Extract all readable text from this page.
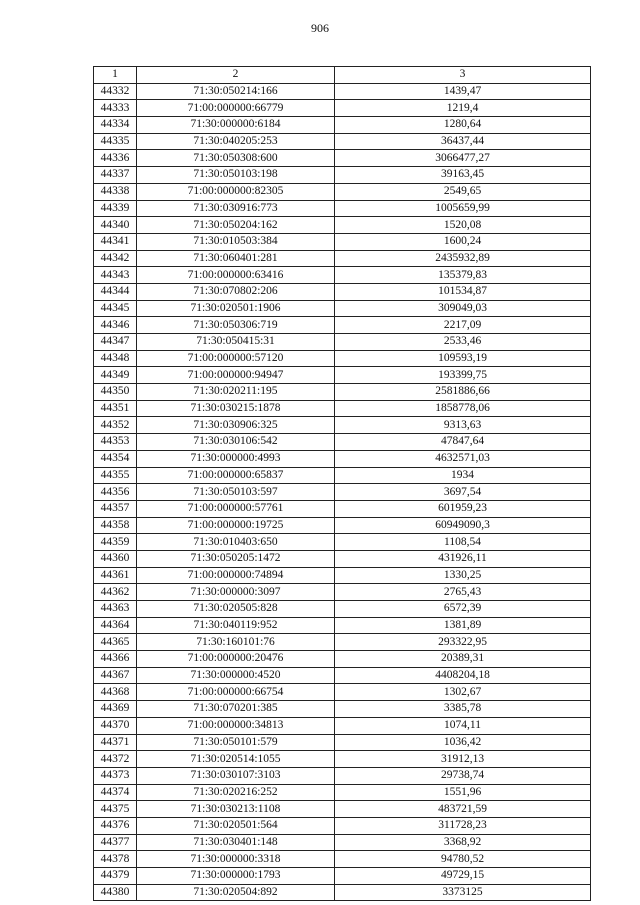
906
1	2	3
44332	71:30:050214:166	1439,47
44333	71:00:000000:66779	1219,4
44334	71:30:000000:6184	1280,64
44335	71:30:040205:253	36437,44
44336	71:30:050308:600	3066477,27
44337	71:30:050103:198	39163,45
44338	71:00:000000:82305	2549,65
44339	71:30:030916:773	1005659,99
44340	71:30:050204:162	1520,08
44341	71:30:010503:384	1600,24
44342	71:30:060401:281	2435932,89
44343	71:00:000000:63416	135379,83
44344	71:30:070802:206	101534,87
44345	71:30:020501:1906	309049,03
44346	71:30:050306:719	2217,09
44347	71:30:050415:31	2533,46
44348	71:00:000000:57120	109593,19
44349	71:00:000000:94947	193399,75
44350	71:30:020211:195	2581886,66
44351	71:30:030215:1878	1858778,06
44352	71:30:030906:325	9313,63
44353	71:30:030106:542	47847,64
44354	71:30:000000:4993	4632571,03
44355	71:00:000000:65837	1934
44356	71:30:050103:597	3697,54
44357	71:00:000000:57761	601959,23
44358	71:00:000000:19725	60949090,3
44359	71:30:010403:650	1108,54
44360	71:30:050205:1472	431926,11
44361	71:00:000000:74894	1330,25
44362	71:30:000000:3097	2765,43
44363	71:30:020505:828	6572,39
44364	71:30:040119:952	1381,89
44365	71:30:160101:76	293322,95
44366	71:00:000000:20476	20389,31
44367	71:30:000000:4520	4408204,18
44368	71:00:000000:66754	1302,67
44369	71:30:070201:385	3385,78
44370	71:00:000000:34813	1074,11
44371	71:30:050101:579	1036,42
44372	71:30:020514:1055	31912,13
44373	71:30:030107:3103	29738,74
44374	71:30:020216:252	1551,96
44375	71:30:030213:1108	483721,59
44376	71:30:020501:564	311728,23
44377	71:30:030401:148	3368,92
44378	71:30:000000:3318	94780,52
44379	71:30:000000:1793	49729,15
44380	71:30:020504:892	3373125
